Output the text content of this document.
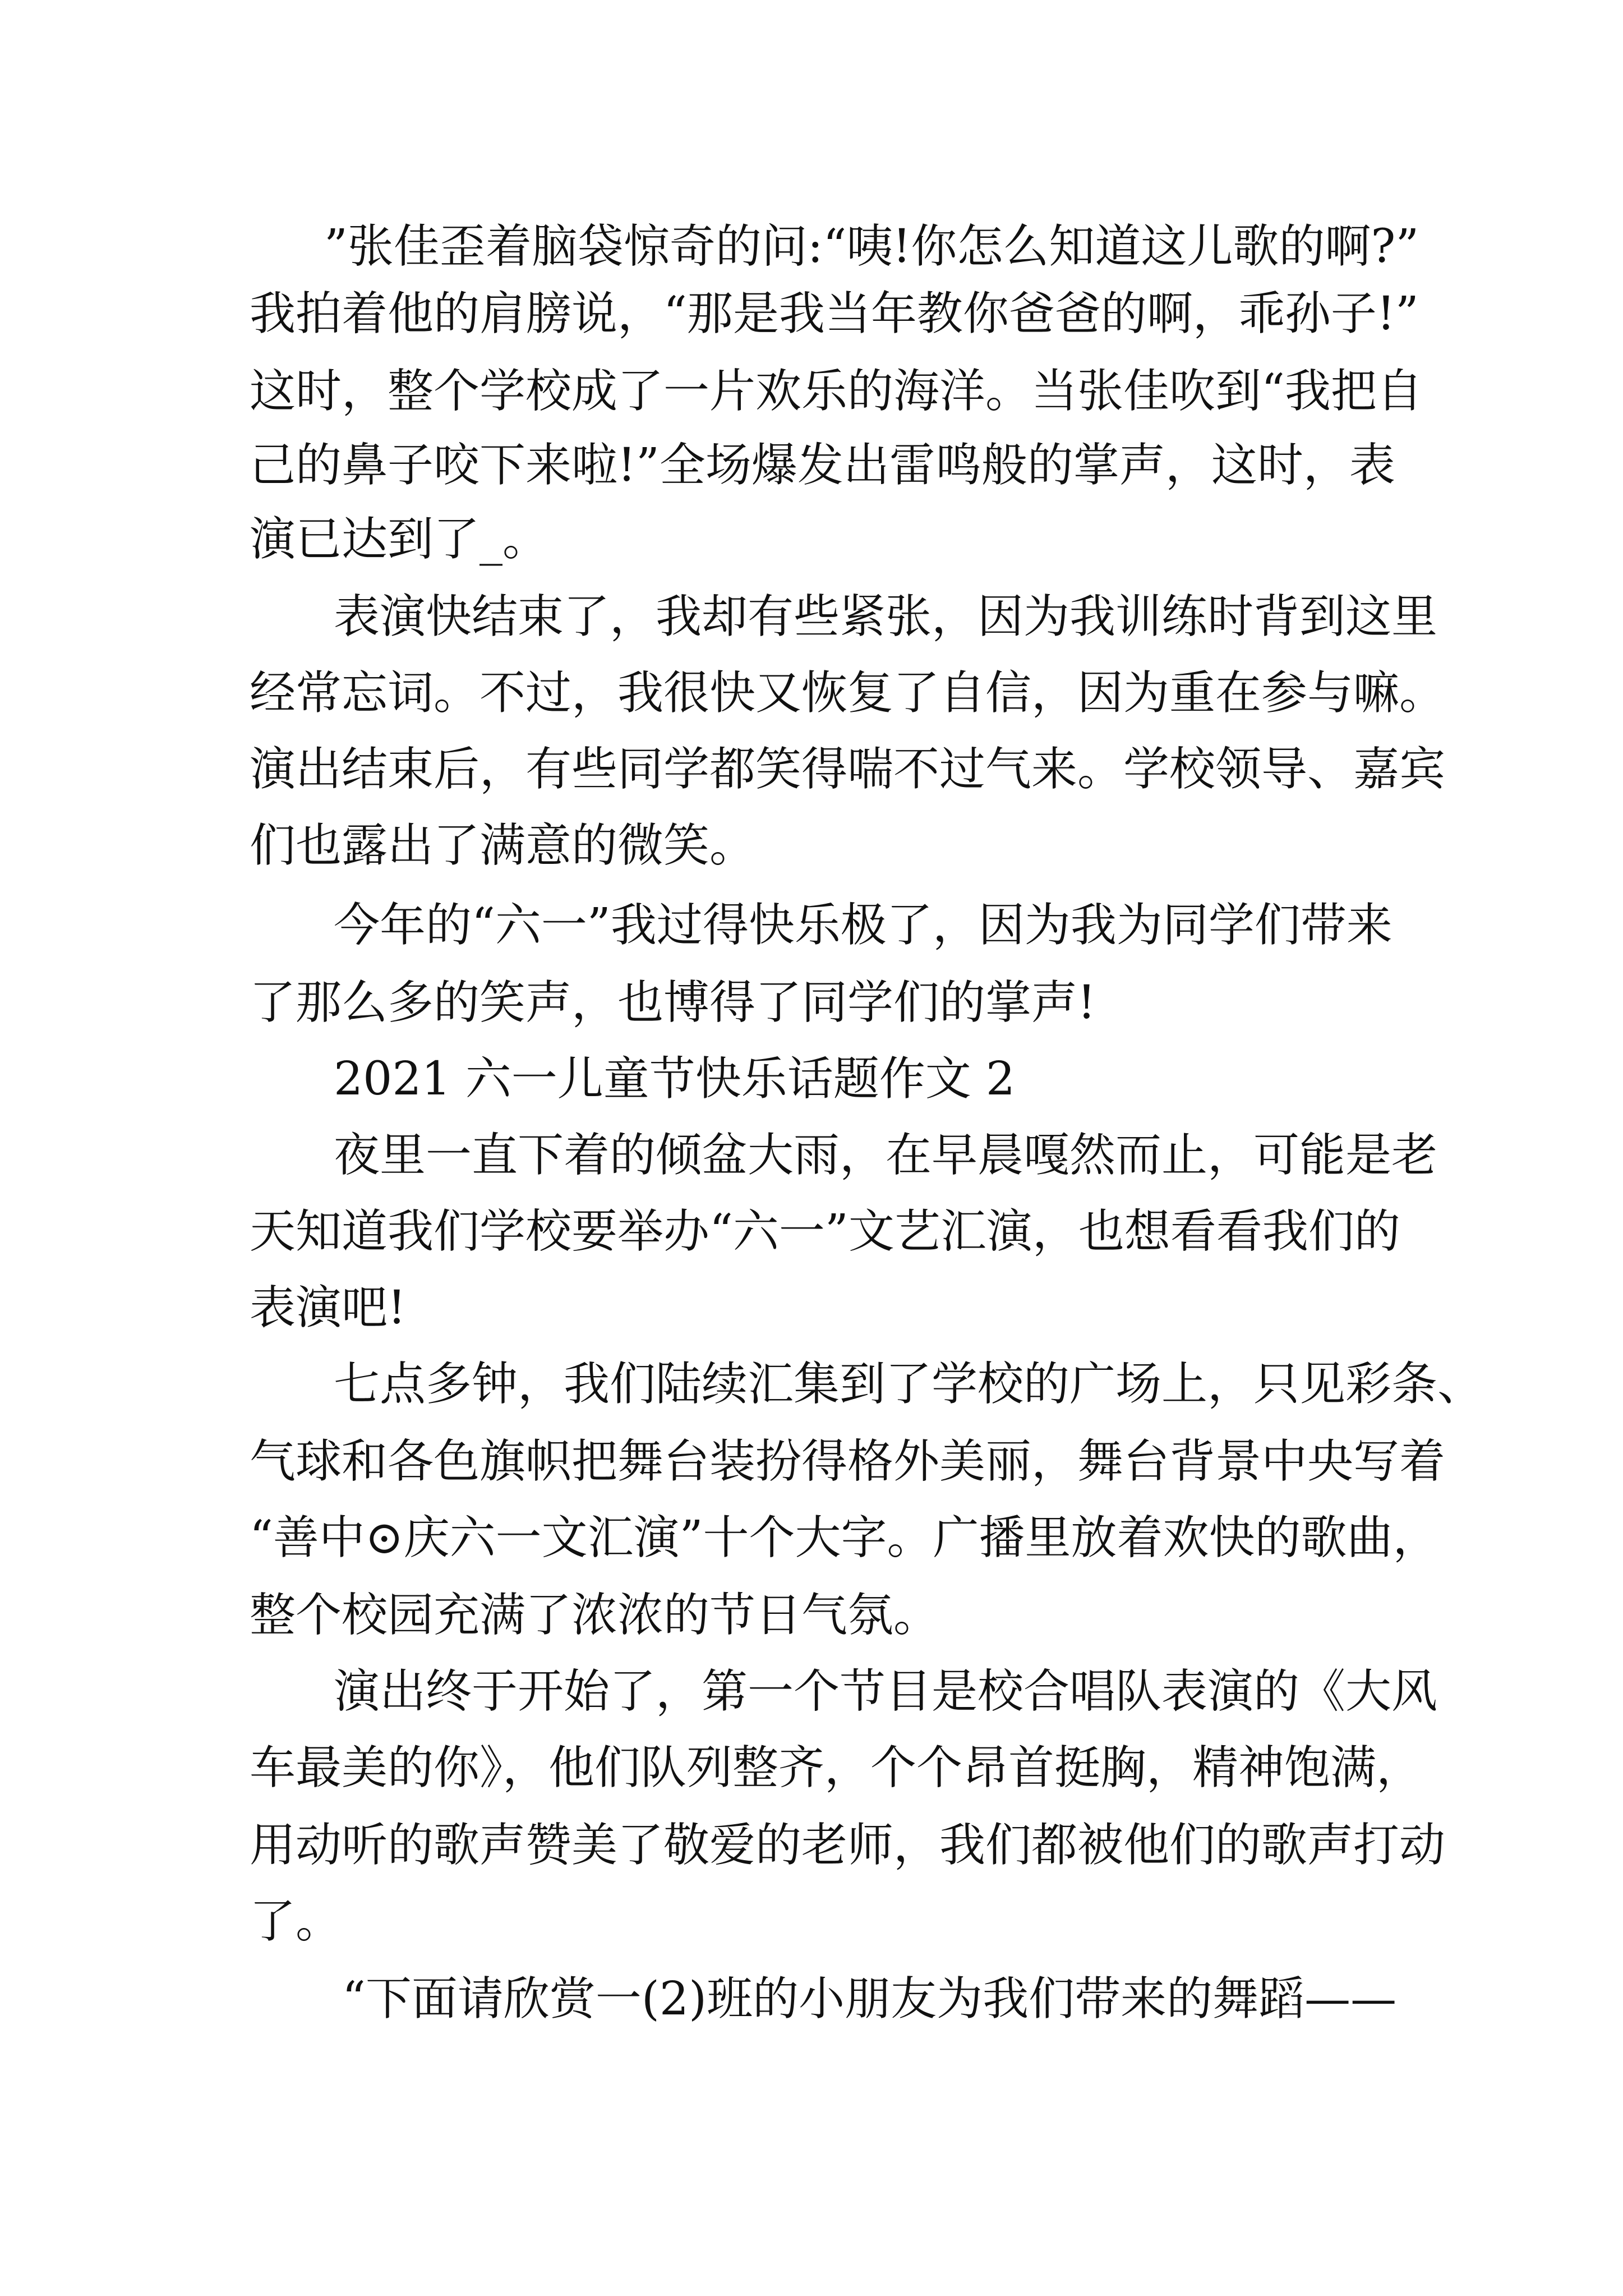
”张佳歪着脑袋惊奇的问:“咦!你怎么知道这儿歌的啊?”
我拍着他的肩膀说，“那是我当年教你爸爸的啊，乖孙子!”
这时，整个学校成了一片欢乐的海洋。当张佳吹到“我把自
己的鼻子咬下来啦!”全场爆发出雷鸣般的掌声，这时，表
演已达到了_。
表演快结束了，我却有些紧张，因为我训练时背到这里
经常忘词。不过，我很快又恢复了自信，因为重在参与嘛。
演出结束后，有些同学都笑得喘不过气来。学校领导、嘉宾
们也露出了满意的微笑。
今年的“六一”我过得快乐极了，因为我为同学们带来
了那么多的笑声，也博得了同学们的掌声!
2021 六一儿童节快乐话题作文 2
夜里一直下着的倾盆大雨，在早晨嘎然而止，可能是老
天知道我们学校要举办“六一”文艺汇演，也想看看我们的
表演吧!
七点多钟，我们陆续汇集到了学校的广场上，只见彩条、
气球和各色旗帜把舞台装扮得格外美丽，舞台背景中央写着
“善中⊙庆六一文汇演”十个大字。广播里放着欢快的歌曲，
整个校园充满了浓浓的节日气氛。
演出终于开始了，第一个节目是校合唱队表演的《大风
车最美的你》，他们队列整齐，个个昂首挺胸，精神饱满，
用动听的歌声赞美了敬爱的老师，我们都被他们的歌声打动
了。
“下面请欣赏一(2)班的小朋友为我们带来的舞蹈——
